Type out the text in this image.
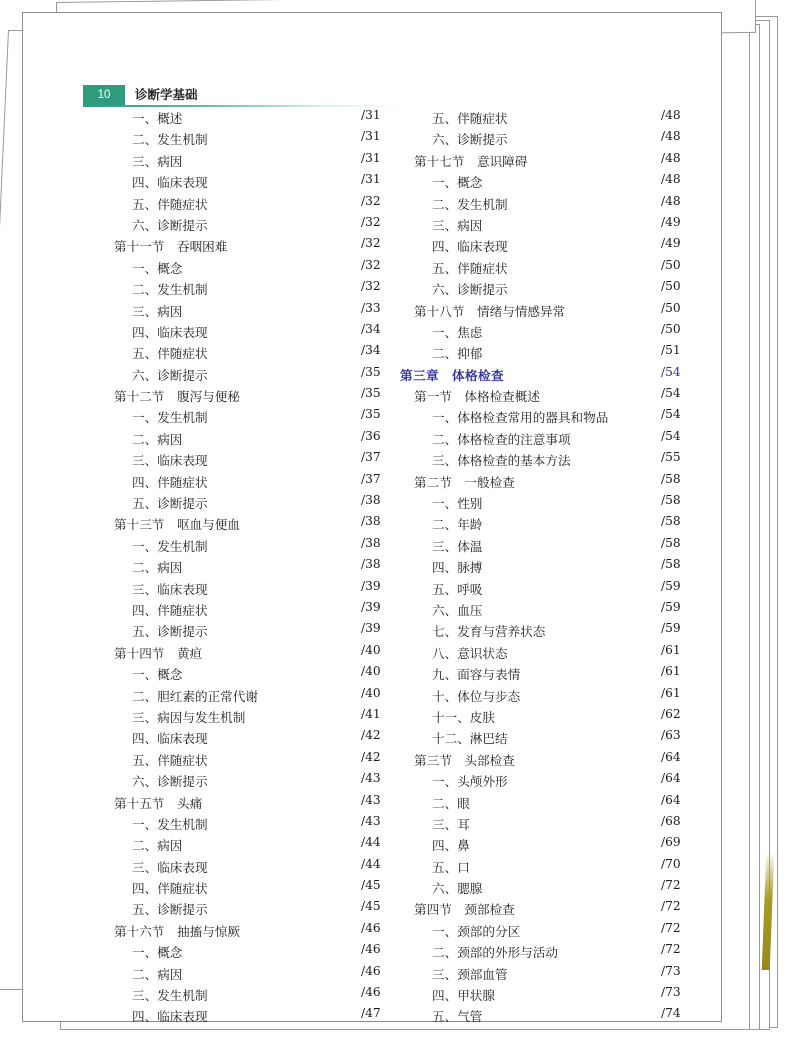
10	诊断学基础
一、概述	/31
二、发生机制	/31
三、病因	/31
四、临床表现	/31
五、伴随症状	/32
六、诊断提示	/32
第十一节　吞咽困难	/32
一、概念	/32
二、发生机制	/32
三、病因	/33
四、临床表现	/34
五、伴随症状	/34
六、诊断提示	/35
第十二节　腹泻与便秘	/35
一、发生机制	/35
二、病因	/36
三、临床表现	/37
四、伴随症状	/37
五、诊断提示	/38
第十三节　呕血与便血	/38
一、发生机制	/38
二、病因	/38
三、临床表现	/39
四、伴随症状	/39
五、诊断提示	/39
第十四节　黄疸	/40
一、概念	/40
二、胆红素的正常代谢	/40
三、病因与发生机制	/41
四、临床表现	/42
五、伴随症状	/42
六、诊断提示	/43
第十五节　头痛	/43
一、发生机制	/43
二、病因	/44
三、临床表现	/44
四、伴随症状	/45
五、诊断提示	/45
第十六节　抽搐与惊厥	/46
一、概念	/46
二、病因	/46
三、发生机制	/46
四、临床表现	/47
五、伴随症状	/48
六、诊断提示	/48
第十七节　意识障碍	/48
一、概念	/48
二、发生机制	/48
三、病因	/49
四、临床表现	/49
五、伴随症状	/50
六、诊断提示	/50
第十八节　情绪与情感异常	/50
一、焦虑	/50
二、抑郁	/51
第三章　体格检查	/54
第一节　体格检查概述	/54
一、体格检查常用的器具和物品	/54
二、体格检查的注意事项	/54
三、体格检查的基本方法	/55
第二节　一般检查	/58
一、性别	/58
二、年龄	/58
三、体温	/58
四、脉搏	/58
五、呼吸	/59
六、血压	/59
七、发育与营养状态	/59
八、意识状态	/61
九、面容与表情	/61
十、体位与步态	/61
十一、皮肤	/62
十二、淋巴结	/63
第三节　头部检查	/64
一、头颅外形	/64
二、眼	/64
三、耳	/68
四、鼻	/69
五、口	/70
六、腮腺	/72
第四节　颈部检查	/72
一、颈部的分区	/72
二、颈部的外形与活动	/72
三、颈部血管	/73
四、甲状腺	/73
五、气管	/74
